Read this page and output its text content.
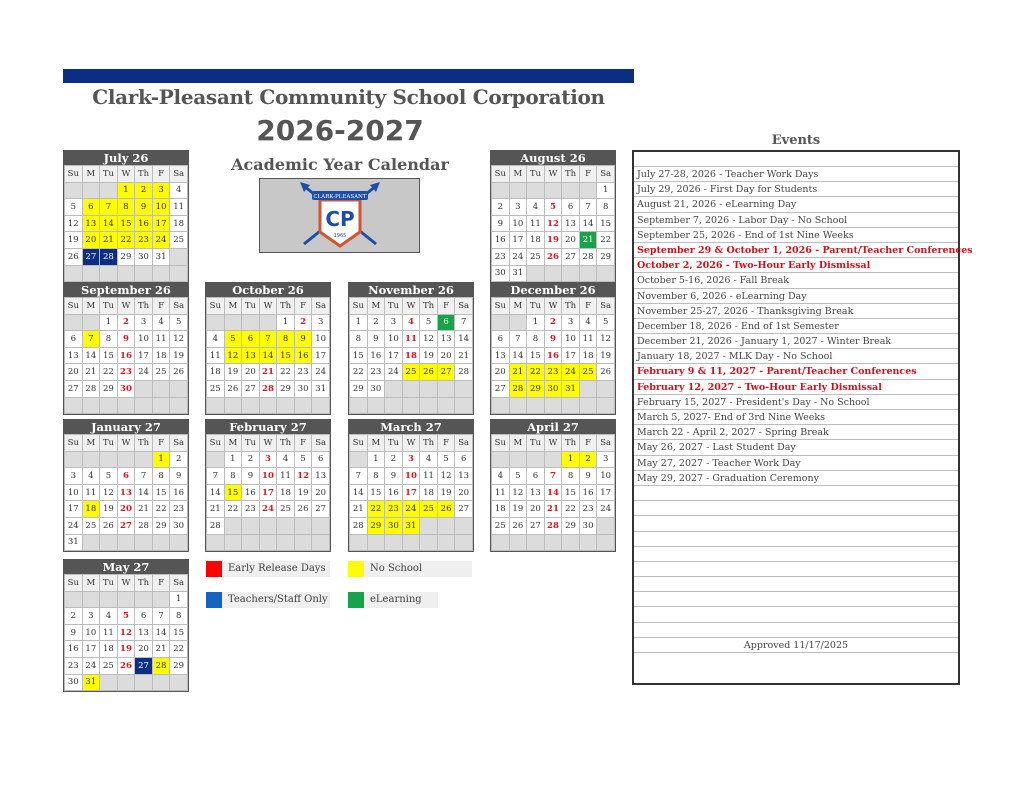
Clark-Pleasant Community School Corporation
2026-2027
Academic Year Calendar
CLARK-PLEASANT
CP
1965
July 26
Su	M	Tu	W	Th	F	Sa
			1	2	3	4
5	6	7	8	9	10	11
12	13	14	15	16	17	18
19	20	21	22	23	24	25
26	27	28	29	30	31	

August 26
Su	M	Tu	W	Th	F	Sa
						1
2	3	4	5	6	7	8
9	10	11	12	13	14	15
16	17	18	19	20	21	22
23	24	25	26	27	28	29
30	31					
September 26
Su	M	Tu	W	Th	F	Sa
		1	2	3	4	5
6	7	8	9	10	11	12
13	14	15	16	17	18	19
20	21	22	23	24	25	26
27	28	29	30			

October 26
Su	M	Tu	W	Th	F	Sa
				1	2	3
4	5	6	7	8	9	10
11	12	13	14	15	16	17
18	19	20	21	22	23	24
25	26	27	28	29	30	31

November 26
Su	M	Tu	W	Th	F	Sa
1	2	3	4	5	6	7
8	9	10	11	12	13	14
15	16	17	18	19	20	21
22	23	24	25	26	27	28
29	30					

December 26
Su	M	Tu	W	Th	F	Sa
		1	2	3	4	5
6	7	8	9	10	11	12
13	14	15	16	17	18	19
20	21	22	23	24	25	26
27	28	29	30	31		

January 27
Su	M	Tu	W	Th	F	Sa
					1	2
3	4	5	6	7	8	9
10	11	12	13	14	15	16
17	18	19	20	21	22	23
24	25	26	27	28	29	30
31						
February 27
Su	M	Tu	W	Th	F	Sa
	1	2	3	4	5	6
7	8	9	10	11	12	13
14	15	16	17	18	19	20
21	22	23	24	25	26	27
28						

March 27
Su	M	Tu	W	Th	F	Sa
	1	2	3	4	5	6
7	8	9	10	11	12	13
14	15	16	17	18	19	20
21	22	23	24	25	26	27
28	29	30	31			

April 27
Su	M	Tu	W	Th	F	Sa
				1	2	3
4	5	6	7	8	9	10
11	12	13	14	15	16	17
18	19	20	21	22	23	24
25	26	27	28	29	30	

May 27
Su	M	Tu	W	Th	F	Sa
						1
2	3	4	5	6	7	8
9	10	11	12	13	14	15
16	17	18	19	20	21	22
23	24	25	26	27	28	29
30	31					
Early Release Days	No School
Teachers/Staff Only	eLearning
Events
July 27-28, 2026 - Teacher Work Days
July 29, 2026 - First Day for Students
August 21, 2026 - eLearning Day
September 7, 2026 - Labor Day - No School
September 25, 2026 - End of 1st Nine Weeks
September 29 & October 1, 2026 - Parent/Teacher Conferences
October 2, 2026 - Two-Hour Early Dismissal
October 5-16, 2026 - Fall Break
November 6, 2026 - eLearning Day
November 25-27, 2026 - Thanksgiving Break
December 18, 2026 - End of 1st Semester
December 21, 2026 - January 1, 2027 - Winter Break
January 18, 2027 - MLK Day - No School
February 9 & 11, 2027 - Parent/Teacher Conferences
February 12, 2027 - Two-Hour Early Dismissal
February 15, 2027 - President's Day - No School
March 5, 2027- End of 3rd Nine Weeks
March 22 - April 2, 2027 - Spring Break
May 26, 2027 - Last Student Day
May 27, 2027 - Teacher Work Day
May 29, 2027 - Graduation Ceremony
Approved 11/17/2025
